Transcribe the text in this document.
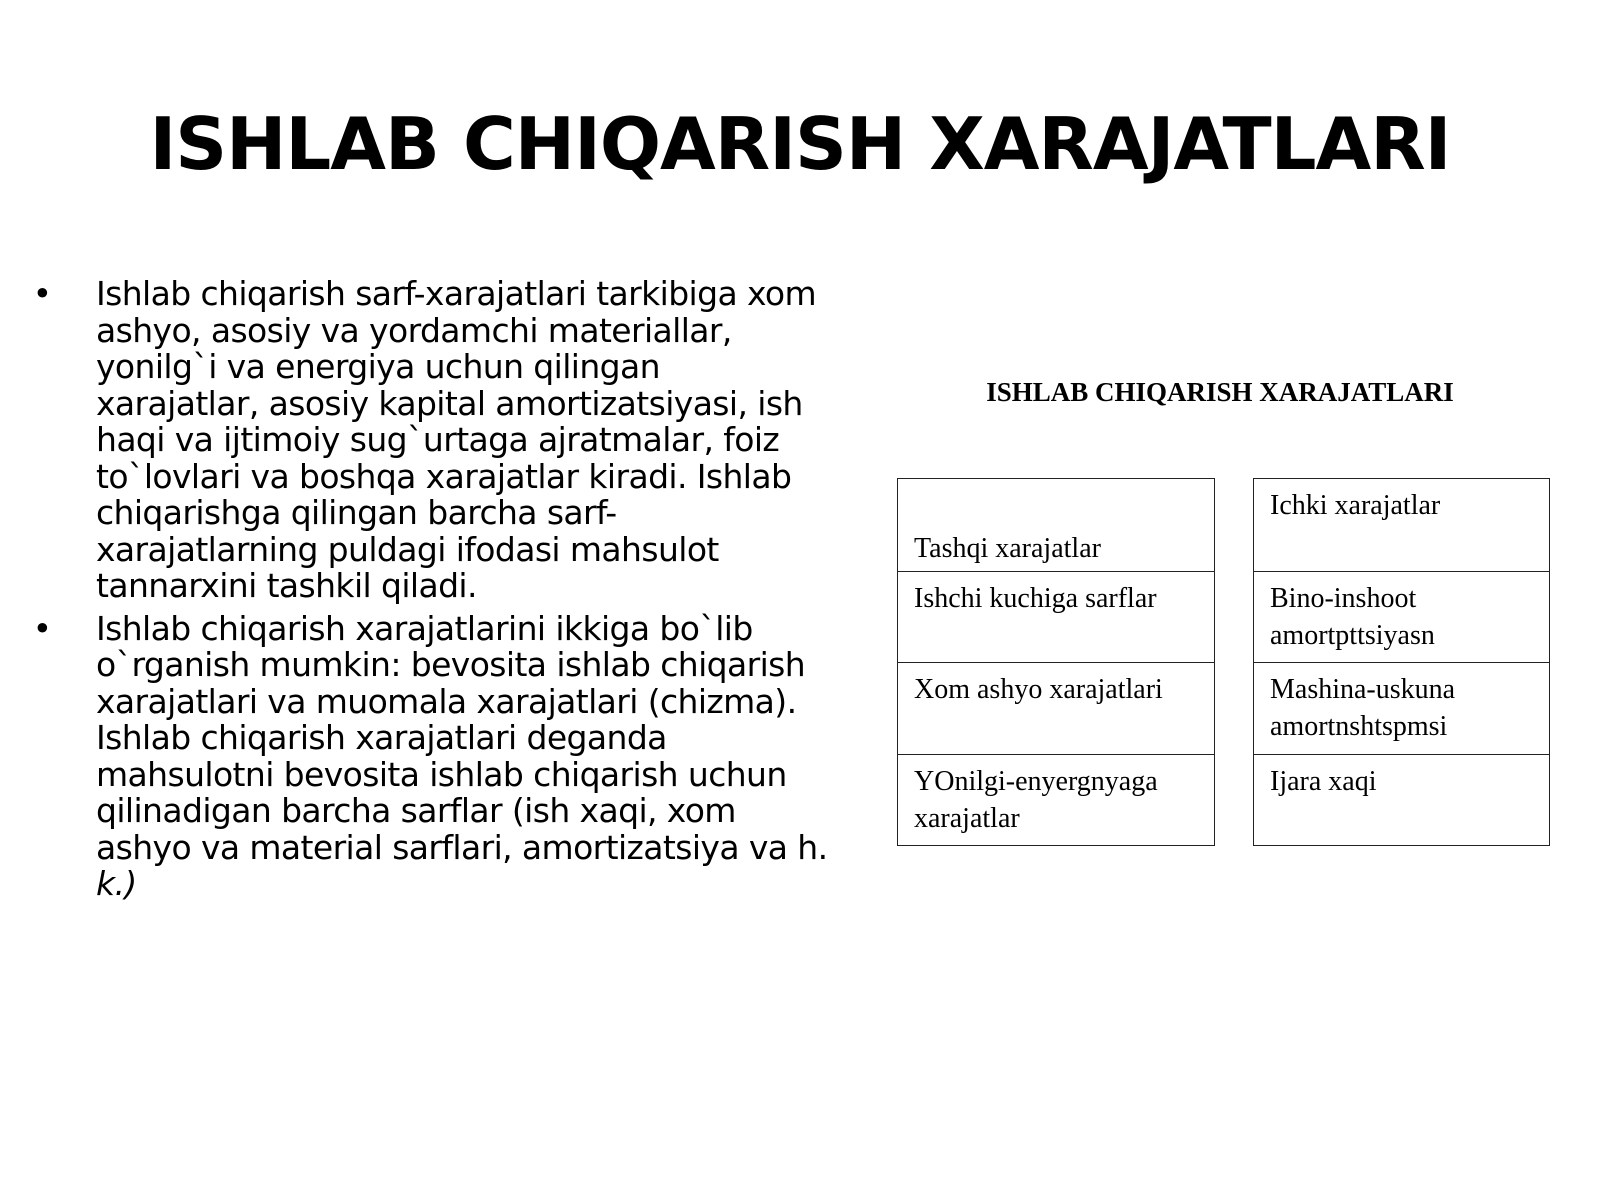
ISHLAB CHIQARISH XARAJATLARI
• Ishlab chiqarish sarf-xarajatlari tarkibiga xom ashyo, asosiy va yordamchi materiallar, yonilg`i va energiya uchun qilingan xarajatlar, asosiy kapital amortizatsiyasi, ish haqi va ijtimoiy sug`urtaga ajratmalar, foiz to`lovlari va boshqa xarajatlar kiradi. Ishlab chiqarishga qilingan barcha sarf-xarajatlarning puldagi ifodasi mahsulot tannarxini tashkil qiladi.
• Ishlab chiqarish xarajatlarini ikkiga bo`lib o`rganish mumkin: bevosita ishlab chiqarish xarajatlari va muomala xarajatlari (chizma). Ishlab chiqarish xarajatlari deganda mahsulotni bevosita ishlab chiqarish uchun qilinadigan barcha sarflar (ish xaqi, xom ashyo va material sarflari, amortizatsiya va h. k.)
ISHLAB CHIQARISH XARAJATLARI
Tashqi xarajatlar
Ishchi kuchiga sarflar
Xom ashyo xarajatlari
YOnilgi-enyergnyaga xarajatlar
Ichki xarajatlar
Bino-inshoot amortpttsiyasn
Mashina-uskuna amortnshtspmsi
Ijara xaqi
